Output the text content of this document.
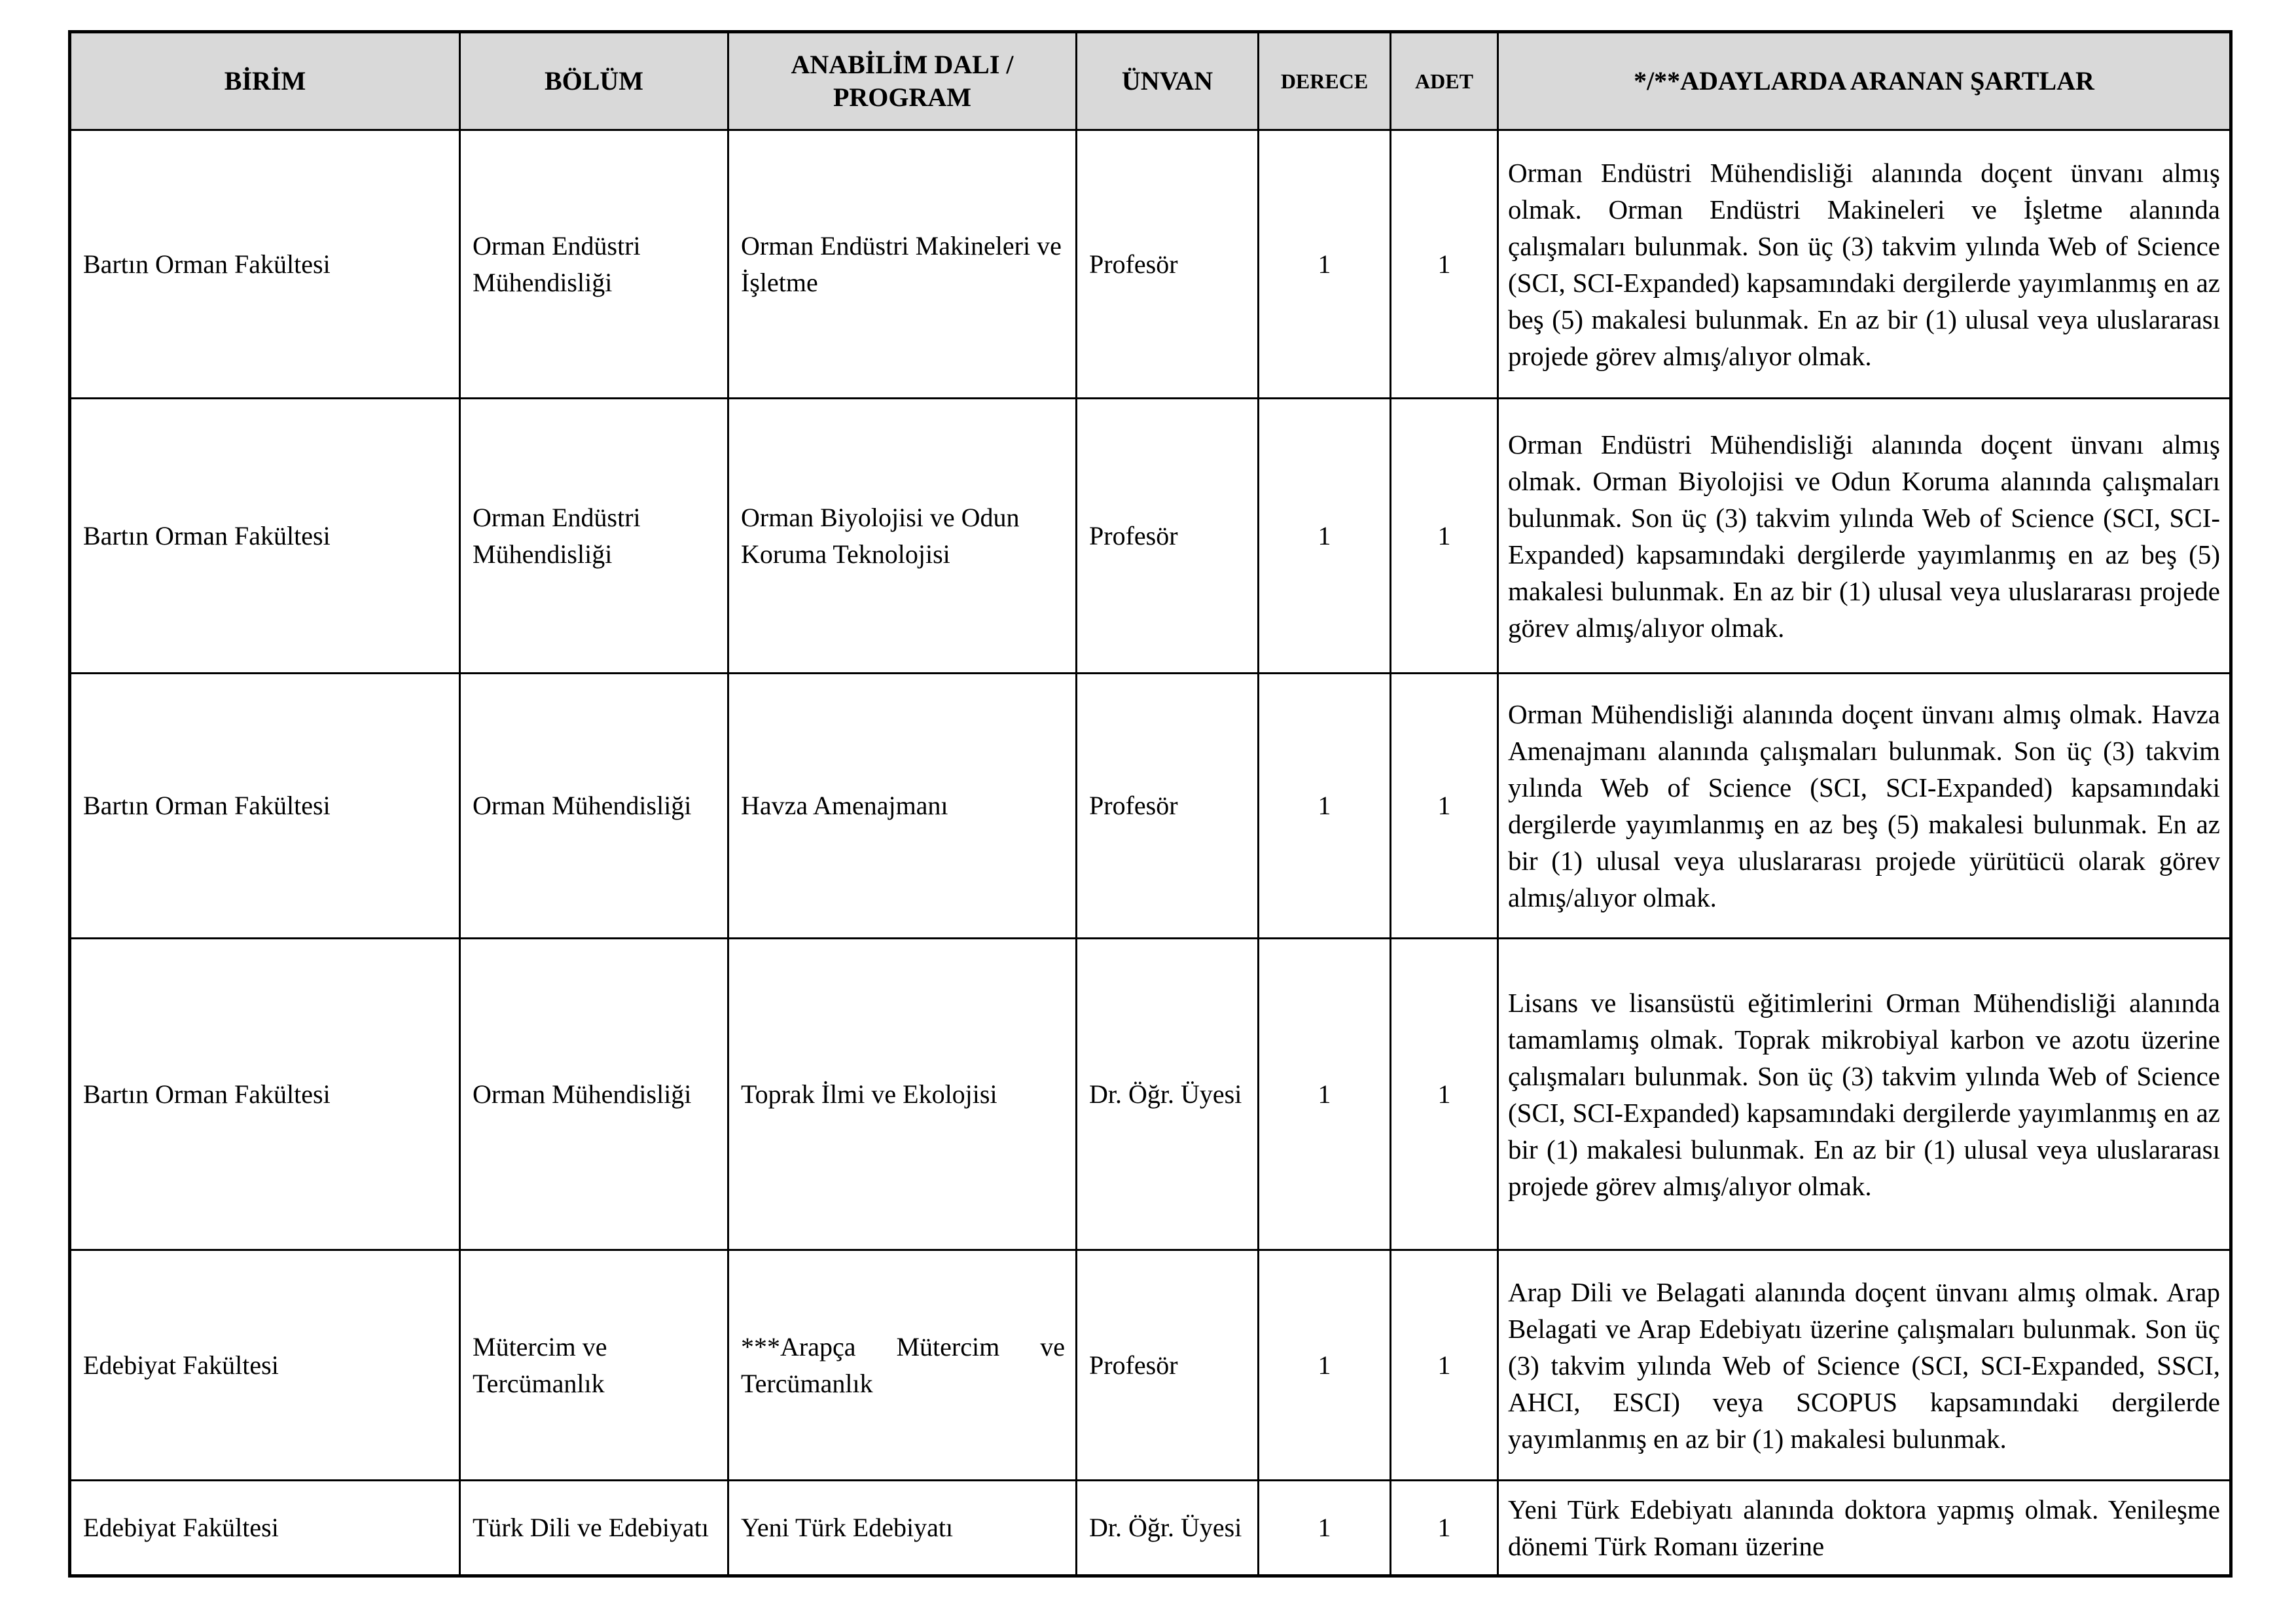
BİRİM	BÖLÜM	ANABİLİM DALI / PROGRAM	ÜNVAN	DERECE	ADET	*/**ADAYLARDA ARANAN ŞARTLAR

Bartın Orman Fakültesi	Orman Endüstri Mühendisliği	Orman Endüstri Makineleri ve İşletme	Profesör	1	1	Orman Endüstri Mühendisliği alanında doçent ünvanı almış olmak. Orman Endüstri Makineleri ve İşletme alanında çalışmaları bulunmak. Son üç (3) takvim yılında Web of Science (SCI, SCI-Expanded) kapsamındaki dergilerde yayımlanmış en az beş (5) makalesi bulunmak. En az bir (1) ulusal veya uluslararası projede görev almış/alıyor olmak.

Bartın Orman Fakültesi	Orman Endüstri Mühendisliği	Orman Biyolojisi ve Odun Koruma Teknolojisi	Profesör	1	1	Orman Endüstri Mühendisliği alanında doçent ünvanı almış olmak. Orman Biyolojisi ve Odun Koruma alanında çalışmaları bulunmak. Son üç (3) takvim yılında Web of Science (SCI, SCI-Expanded) kapsamındaki dergilerde yayımlanmış en az beş (5) makalesi bulunmak. En az bir (1) ulusal veya uluslararası projede görev almış/alıyor olmak.

Bartın Orman Fakültesi	Orman Mühendisliği	Havza Amenajmanı	Profesör	1	1	Orman Mühendisliği alanında doçent ünvanı almış olmak. Havza Amenajmanı alanında çalışmaları bulunmak. Son üç (3) takvim yılında Web of Science (SCI, SCI-Expanded) kapsamındaki dergilerde yayımlanmış en az beş (5) makalesi bulunmak. En az bir (1) ulusal veya uluslararası projede yürütücü olarak görev almış/alıyor olmak.

Bartın Orman Fakültesi	Orman Mühendisliği	Toprak İlmi ve Ekolojisi	Dr. Öğr. Üyesi	1	1	Lisans ve lisansüstü eğitimlerini Orman Mühendisliği alanında tamamlamış olmak. Toprak mikrobiyal karbon ve azotu üzerine çalışmaları bulunmak. Son üç (3) takvim yılında Web of Science (SCI, SCI-Expanded) kapsamındaki dergilerde yayımlanmış en az bir (1) makalesi bulunmak. En az bir (1) ulusal veya uluslararası projede görev almış/alıyor olmak.

Edebiyat Fakültesi	Mütercim ve Tercümanlık	***Arapça Mütercim ve Tercümanlık	Profesör	1	1	Arap Dili ve Belagati alanında doçent ünvanı almış olmak. Arap Belagati ve Arap Edebiyatı üzerine çalışmaları bulunmak. Son üç (3) takvim yılında Web of Science (SCI, SCI-Expanded, SSCI, AHCI, ESCI) veya SCOPUS kapsamındaki dergilerde yayımlanmış en az bir (1) makalesi bulunmak.

Edebiyat Fakültesi	Türk Dili ve Edebiyatı	Yeni Türk Edebiyatı	Dr. Öğr. Üyesi	1	1	Yeni Türk Edebiyatı alanında doktora yapmış olmak. Yenileşme dönemi Türk Romanı üzerine
